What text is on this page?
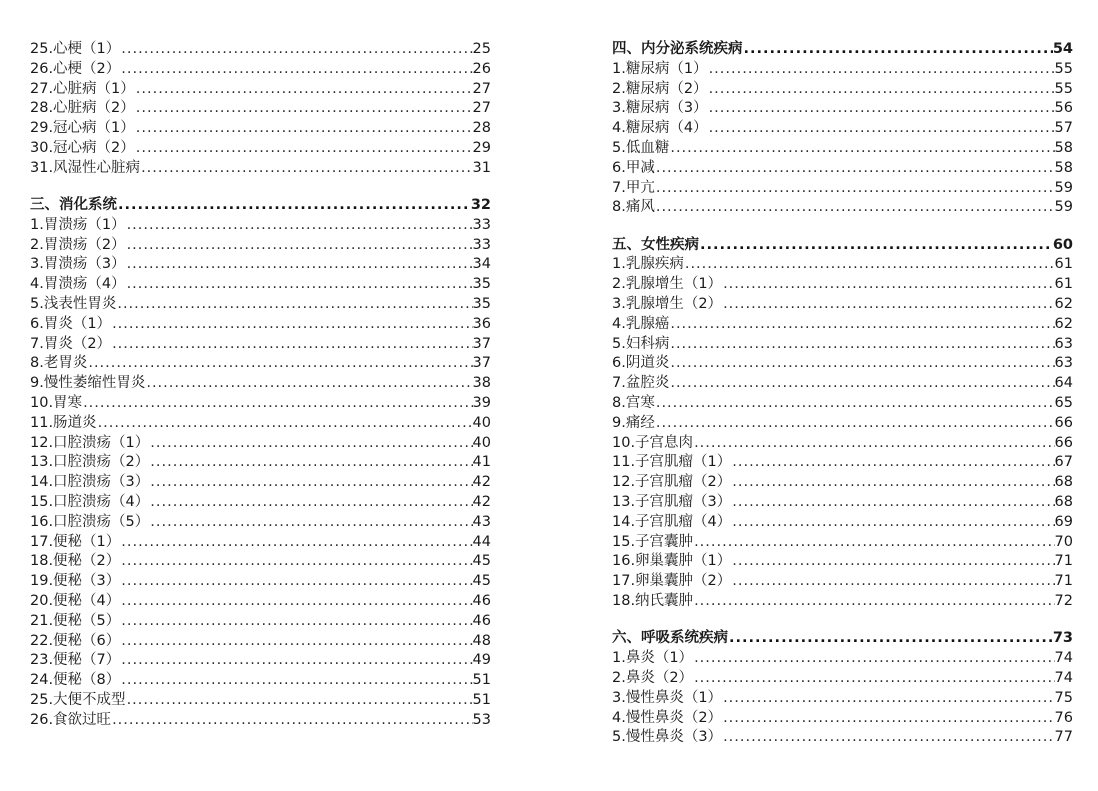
25.心梗（1） .....	25
26.心梗（2） .....	26
27.心脏病（1） .....	27
28.心脏病（2） .....	27
29.冠心病（1） .....	28
30.冠心病（2） .....	29
31.风湿性心脏病 .....	31
三、消化系统 .....	32
1.胃溃疡（1） .....	33
2.胃溃疡（2） .....	33
3.胃溃疡（3） .....	34
4.胃溃疡（4） .....	35
5.浅表性胃炎 .....	35
6.胃炎（1） .....	36
7.胃炎（2） .....	37
8.老胃炎 .....	37
9.慢性萎缩性胃炎 .....	38
10.胃寒 .....	39
11.肠道炎 .....	40
12.口腔溃疡（1） .....	40
13.口腔溃疡（2） .....	41
14.口腔溃疡（3） .....	42
15.口腔溃疡（4） .....	42
16.口腔溃疡（5） .....	43
17.便秘（1） .....	44
18.便秘（2） .....	45
19.便秘（3） .....	45
20.便秘（4） .....	46
21.便秘（5） .....	46
22.便秘（6） .....	48
23.便秘（7） .....	49
24.便秘（8） .....	51
25.大便不成型 .....	51
26.食欲过旺 .....	53
四、内分泌系统疾病 .....	54
1.糖尿病（1） .....	55
2.糖尿病（2） .....	55
3.糖尿病（3） .....	56
4.糖尿病（4） .....	57
5.低血糖 .....	58
6.甲减 .....	58
7.甲亢 .....	59
8.痛风 .....	59
五、女性疾病 .....	60
1.乳腺疾病 .....	61
2.乳腺增生（1） .....	61
3.乳腺增生（2） .....	62
4.乳腺癌 .....	62
5.妇科病 .....	63
6.阴道炎 .....	63
7.盆腔炎 .....	64
8.宫寒 .....	65
9.痛经 .....	66
10.子宫息肉 .....	66
11.子宫肌瘤（1） .....	67
12.子宫肌瘤（2） .....	68
13.子宫肌瘤（3） .....	68
14.子宫肌瘤（4） .....	69
15.子宫囊肿 .....	70
16.卵巢囊肿（1） .....	71
17.卵巢囊肿（2） .....	71
18.纳氏囊肿 .....	72
六、呼吸系统疾病 .....	73
1.鼻炎（1） .....	74
2.鼻炎（2） .....	74
3.慢性鼻炎（1） .....	75
4.慢性鼻炎（2） .....	76
5.慢性鼻炎（3） .....	77
